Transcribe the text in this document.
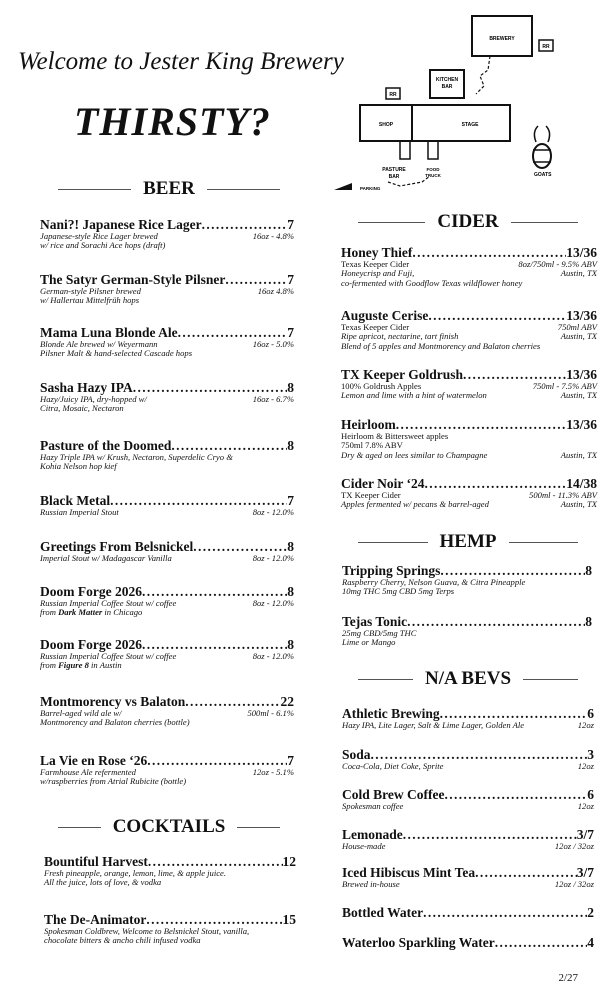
Welcome to Jester King Brewery
THIRSTY?
BREWERY
RR
KITCHEN
BAR
RR
SHOP	STAGE
PASTURE
BAR
FOOD
TRUCK
PARKING
GOATS
BEER
Nani?! Japanese Rice Lager . . .	7
Japanese-style Rice Lager brewed	16oz - 4.8%
w/ rice and Sorachi Ace hops (draft)
The Satyr German-Style Pilsner . . .	7
German-style Pilsner brewed	16oz 4.8%
w/ Hallertau Mittelfrüh hops
Mama Luna Blonde Ale . . .	7
Blonde Ale brewed w/ Weyermann	16oz - 5.0%
Pilsner Malt & hand-selected Cascade hops
Sasha Hazy IPA . . .	8
Hazy/Juicy IPA, dry-hopped w/	16oz - 6.7%
Citra, Mosaic, Nectaron
Pasture of the Doomed . . .	8
Hazy Triple IPA w/ Krush, Nectaron, Superdelic Cryo &
Kohia Nelson hop kief
Black Metal . . .	7
Russian Imperial Stout	8oz - 12.0%
Greetings From Belsnickel . . .	8
Imperial Stout w/ Madagascar Vanilla	8oz - 12.0%
Doom Forge 2026 . . .	8
Russian Imperial Coffee Stout w/ coffee	8oz - 12.0%
from Dark Matter in Chicago
Doom Forge 2026 . . .	8
Russian Imperial Coffee Stout w/ coffee	8oz - 12.0%
from Figure 8 in Austin
Montmorency vs Balaton . . .	22
Barrel-aged wild ale w/	500ml - 6.1%
Montmorency and Balaton cherries (bottle)
La Vie en Rose ‘26 . . .	7
Farmhouse Ale refermented	12oz - 5.1%
w/raspberries from Atrial Rubicite (bottle)
COCKTAILS
Bountiful Harvest . . .	12
Fresh pineapple, orange, lemon, lime, & apple juice.
All the juice, lots of love, & vodka
The De-Animator . . .	15
Spokesman Coldbrew, Welcome to Belsnickel Stout, vanilla,
chocolate bitters & ancho chili infused vodka
CIDER
Honey Thief . . .	13/36
Texas Keeper Cider	8oz/750ml - 9.5% ABV
Honeycrisp and Fuji,	Austin, TX
co-fermented with Goodflow Texas wildflower honey
Auguste Cerise . . .	13/36
Texas Keeper Cider	750ml ABV
Ripe apricot, nectarine, tart finish	Austin, TX
Blend of 5 apples and Montmorency and Balaton cherries
TX Keeper Goldrush . . .	13/36
100% Goldrush Apples	750ml - 7.5% ABV
Lemon and lime with a hint of watermelon	Austin, TX
Heirloom . . .	13/36
Heirloom & Bittersweet apples
750ml 7.8% ABV
Dry & aged on lees similar to Champagne	Austin, TX
Cider Noir ‘24 . . .	14/38
TX Keeper Cider	500ml - 11.3% ABV
Apples fermented w/ pecans & barrel-aged	Austin, TX
HEMP
Tripping Springs . . .	8
Raspberry Cherry, Nelson Guava, & Citra Pineapple
10mg THC 5mg CBD 5mg Terps
Tejas Tonic . . .	8
25mg CBD/5mg THC
Lime or Mango
N/A BEVS
Athletic Brewing . . .	6
Hazy IPA, Lite Lager, Salt & Lime Lager, Golden Ale	12oz
Soda . . .	3
Coca-Cola, Diet Coke, Sprite	12oz
Cold Brew Coffee . . .	6
Spokesman coffee	12oz
Lemonade . . .	3/7
House-made	12oz / 32oz
Iced Hibiscus Mint Tea . . .	3/7
Brewed in-house	12oz / 32oz
Bottled Water . . .	2
Waterloo Sparkling Water . . .	4
2/27
